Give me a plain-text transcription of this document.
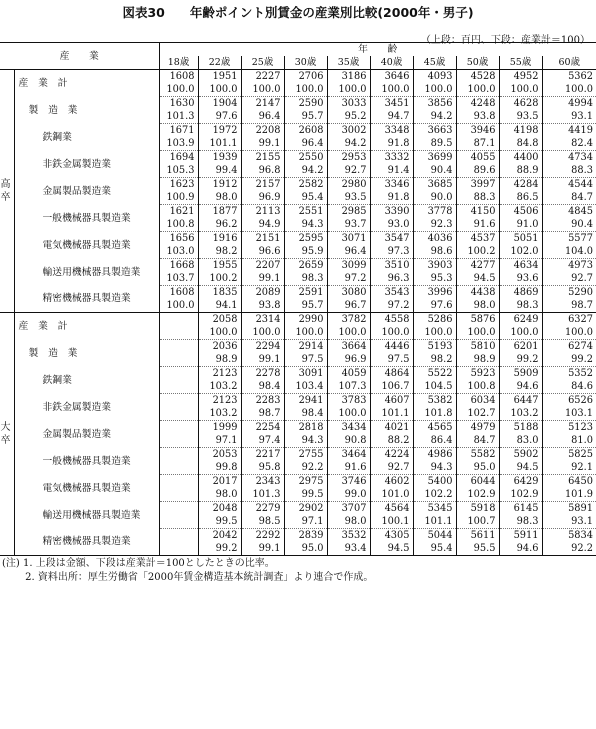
図表30　　年齢ポイント別賃金の産業別比較(2000年・男子)
（上段：百円、下段：産業計＝100）
産　　業		年　　齢									
		18歳	22歳	25歳	30歳	35歳	40歳	45歳	50歳	55歳	60歳
高卒	産　業　計	1608	1951	2227	2706	3186	3646	4093	4528	4952	5362
		100.0	100.0	100.0	100.0	100.0	100.0	100.0	100.0	100.0	100.0
	製　造　業	1630	1904	2147	2590	3033	3451	3856	4248	4628	4994
		101.3	97.6	96.4	95.7	95.2	94.7	94.2	93.8	93.5	93.1
	鉄鋼業	1671	1972	2208	2608	3002	3348	3663	3946	4198	4419
		103.9	101.1	99.1	96.4	94.2	91.8	89.5	87.1	84.8	82.4
	非鉄金属製造業	1694	1939	2155	2550	2953	3332	3699	4055	4400	4734
		105.3	99.4	96.8	94.2	92.7	91.4	90.4	89.6	88.9	88.3
	金属製品製造業	1623	1912	2157	2582	2980	3346	3685	3997	4284	4544
		100.9	98.0	96.9	95.4	93.5	91.8	90.0	88.3	86.5	84.7
	一般機械器具製造業	1621	1877	2113	2551	2985	3390	3778	4150	4506	4845
		100.8	96.2	94.9	94.3	93.7	93.0	92.3	91.6	91.0	90.4
	電気機械器具製造業	1656	1916	2151	2595	3071	3547	4036	4537	5051	5577
		103.0	98.2	96.6	95.9	96.4	97.3	98.6	100.2	102.0	104.0
	輸送用機械器具製造業	1668	1955	2207	2659	3099	3510	3903	4277	4634	4973
		103.7	100.2	99.1	98.3	97.2	96.3	95.3	94.5	93.6	92.7
	精密機械器具製造業	1608	1835	2089	2591	3080	3543	3996	4438	4869	5290
		100.0	94.1	93.8	95.7	96.7	97.2	97.6	98.0	98.3	98.7
大卒	産　業　計		2058	2314	2990	3782	4558	5286	5876	6249	6327
			100.0	100.0	100.0	100.0	100.0	100.0	100.0	100.0	100.0
	製　造　業		2036	2294	2914	3664	4446	5193	5810	6201	6274
			98.9	99.1	97.5	96.9	97.5	98.2	98.9	99.2	99.2
	鉄鋼業		2123	2278	3091	4059	4864	5522	5923	5909	5352
			103.2	98.4	103.4	107.3	106.7	104.5	100.8	94.6	84.6
	非鉄金属製造業		2123	2283	2941	3783	4607	5382	6034	6447	6526
			103.2	98.7	98.4	100.0	101.1	101.8	102.7	103.2	103.1
	金属製品製造業		1999	2254	2818	3434	4021	4565	4979	5188	5123
			97.1	97.4	94.3	90.8	88.2	86.4	84.7	83.0	81.0
	一般機械器具製造業		2053	2217	2755	3464	4224	4986	5582	5902	5825
			99.8	95.8	92.2	91.6	92.7	94.3	95.0	94.5	92.1
	電気機械器具製造業		2017	2343	2975	3746	4602	5400	6044	6429	6450
			98.0	101.3	99.5	99.0	101.0	102.2	102.9	102.9	101.9
	輸送用機械器具製造業		2048	2279	2902	3707	4564	5345	5918	6145	5891
			99.5	98.5	97.1	98.0	100.1	101.1	100.7	98.3	93.1
	精密機械器具製造業		2042	2292	2839	3532	4305	5044	5611	5911	5834
			99.2	99.1	95.0	93.4	94.5	95.4	95.5	94.6	92.2
(注) 1. 上段は金額、下段は産業計＝100としたときの比率。
　　 2. 資料出所：厚生労働省「2000年賃金構造基本統計調査」より連合で作成。
